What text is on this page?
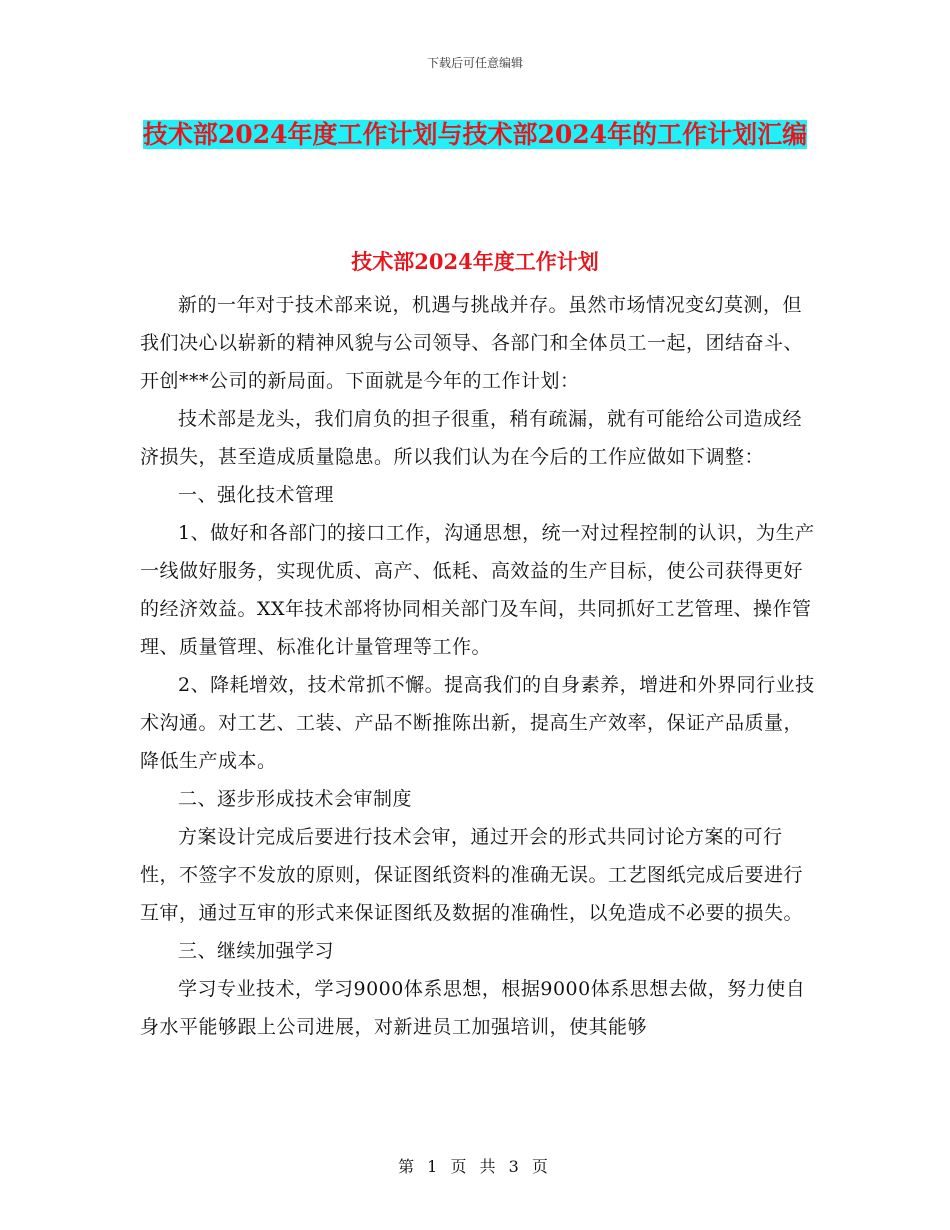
下载后可任意编辑
技术部2024年度工作计划与技术部2024年的工作计划汇编
技术部2024年度工作计划

新的一年对于技术部来说，机遇与挑战并存。虽然市场情况变幻莫测，但我们决心以崭新的精神风貌与公司领导、各部门和全体员工一起，团结奋斗、开创***公司的新局面。下面就是今年的工作计划：

技术部是龙头，我们肩负的担子很重，稍有疏漏，就有可能给公司造成经济损失，甚至造成质量隐患。所以我们认为在今后的工作应做如下调整：

一、强化技术管理

1、做好和各部门的接口工作，沟通思想，统一对过程控制的认识，为生产一线做好服务，实现优质、高产、低耗、高效益的生产目标，使公司获得更好的经济效益。XX年技术部将协同相关部门及车间，共同抓好工艺管理、操作管理、质量管理、标准化计量管理等工作。

2、降耗增效，技术常抓不懈。提高我们的自身素养，增进和外界同行业技术沟通。对工艺、工装、产品不断推陈出新，提高生产效率，保证产品质量，降低生产成本。

二、逐步形成技术会审制度

方案设计完成后要进行技术会审，通过开会的形式共同讨论方案的可行性，不签字不发放的原则，保证图纸资料的准确无误。工艺图纸完成后要进行互审，通过互审的形式来保证图纸及数据的准确性，以免造成不必要的损失。

三、继续加强学习

学习专业技术，学习9000体系思想，根据9000体系思想去做，努力使自身水平能够跟上公司进展，对新进员工加强培训，使其能够

第 1 页 共 3 页
